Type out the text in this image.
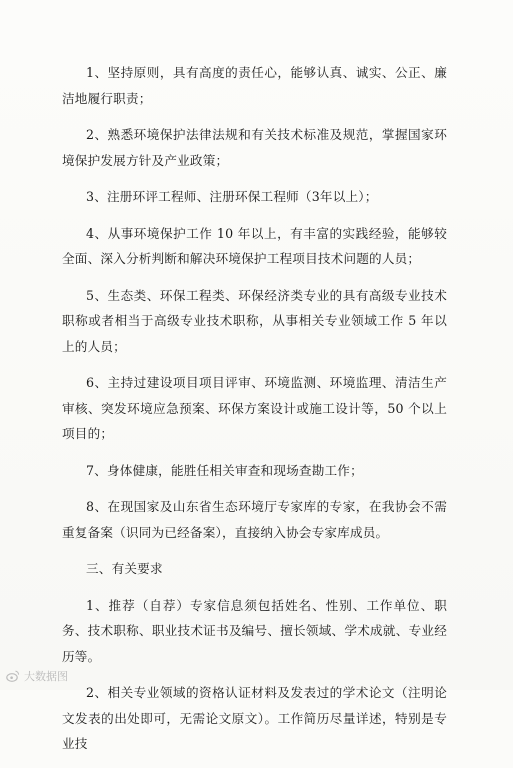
1、坚持原则，具有高度的责任心，能够认真、诚实、公正、廉洁地履行职责；

2、熟悉环境保护法律法规和有关技术标准及规范，掌握国家环境保护发展方针及产业政策；

3、注册环评工程师、注册环保工程师（3年以上）；

4、从事环境保护工作 10 年以上，有丰富的实践经验，能够较全面、深入分析判断和解决环境保护工程项目技术问题的人员；

5、生态类、环保工程类、环保经济类专业的具有高级专业技术职称或者相当于高级专业技术职称，从事相关专业领域工作 5 年以上的人员；

6、主持过建设项目项目评审、环境监测、环境监理、清洁生产审核、突发环境应急预案、环保方案设计或施工设计等，50 个以上项目的；

7、身体健康，能胜任相关审查和现场查勘工作；

8、在现国家及山东省生态环境厅专家库的专家，在我协会不需重复备案（识同为已经备案），直接纳入协会专家库成员。

三、有关要求

1、推荐（自荐）专家信息须包括姓名、性别、工作单位、职务、技术职称、职业技术证书及编号、擅长领域、学术成就、专业经历等。

2、相关专业领域的资格认证材料及发表过的学术论文（注明论文发表的出处即可，无需论文原文）。工作简历尽量详述，特别是专业技

大数据图
